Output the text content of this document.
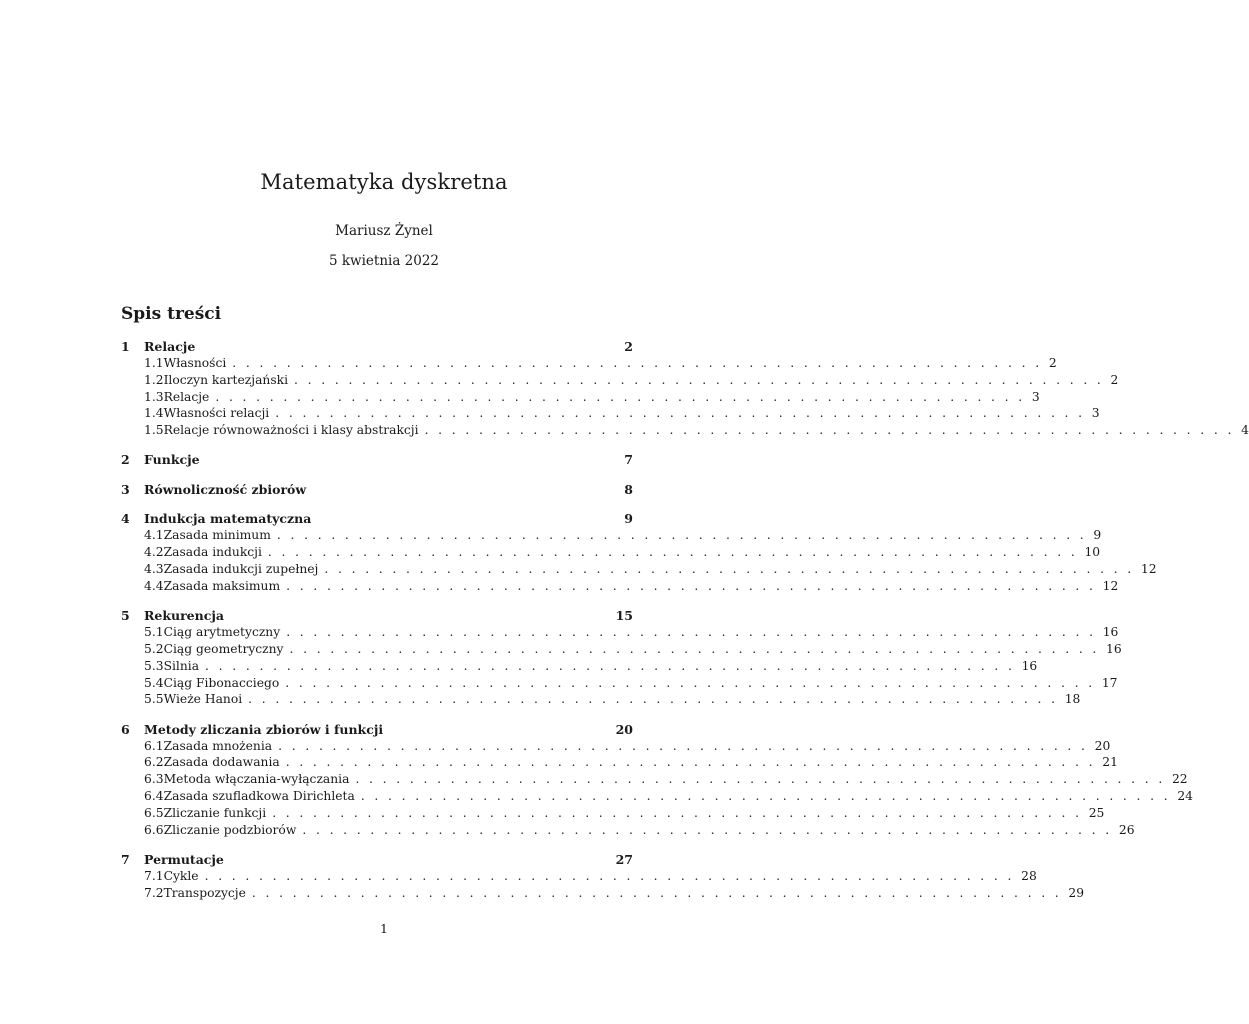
Matematyka dyskretna
Mariusz Żynel
5 kwietnia 2022
Spis treści
1	Relacje	2
1.1 Własności ............................................................ 2
1.2 Iloczyn kartezjański ............................................................ 2
1.3 Relacje ............................................................ 3
1.4 Własności relacji ............................................................ 3
1.5 Relacje równoważności i klasy abstrakcji ............................................................ 4
2	Funkcje	7
3	Równoliczność zbiorów	8
4	Indukcja matematyczna	9
4.1 Zasada minimum ............................................................ 9
4.2 Zasada indukcji ............................................................ 10
4.3 Zasada indukcji zupełnej ............................................................ 12
4.4 Zasada maksimum ............................................................ 12
5	Rekurencja	15
5.1 Ciąg arytmetyczny ............................................................ 16
5.2 Ciąg geometryczny ............................................................ 16
5.3 Silnia ............................................................ 16
5.4 Ciąg Fibonacciego ............................................................ 17
5.5 Wieże Hanoi ............................................................ 18
6	Metody zliczania zbiorów i funkcji	20
6.1 Zasada mnożenia ............................................................ 20
6.2 Zasada dodawania ............................................................ 21
6.3 Metoda włączania-wyłączania ............................................................ 22
6.4 Zasada szufladkowa Dirichleta ............................................................ 24
6.5 Zliczanie funkcji ............................................................ 25
6.6 Zliczanie podzbiorów ............................................................ 26
7	Permutacje	27
7.1 Cykle ............................................................ 28
7.2 Transpozycje ............................................................ 29
1
